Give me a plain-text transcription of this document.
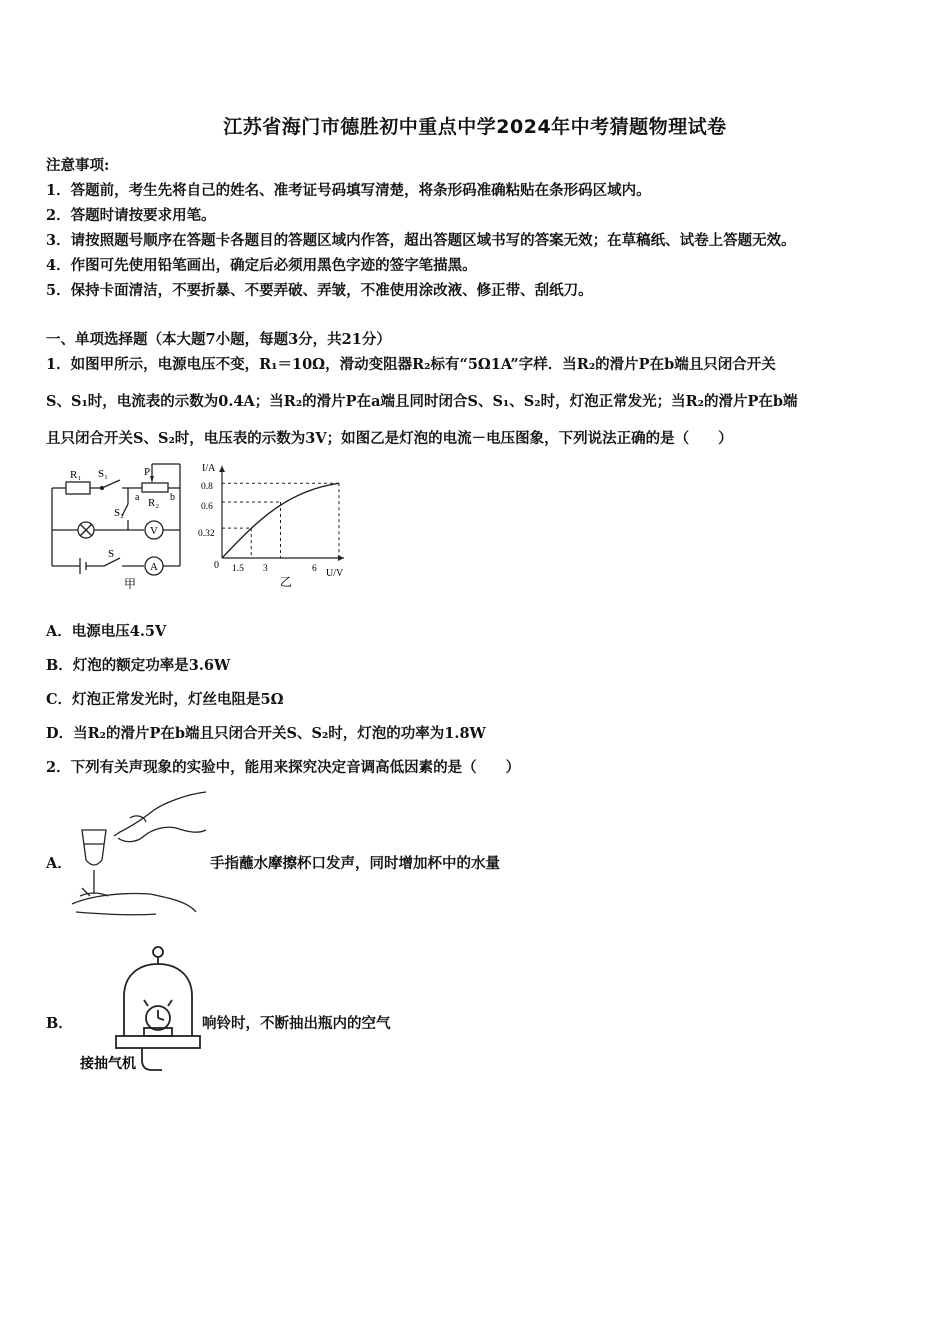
江苏省海门市德胜初中重点中学2024年中考猜题物理试卷
注意事项:
1．答题前，考生先将自己的姓名、准考证号码填写清楚，将条形码准确粘贴在条形码区域内。
2．答题时请按要求用笔。
3．请按照题号顺序在答题卡各题目的答题区域内作答，超出答题区域书写的答案无效；在草稿纸、试卷上答题无效。
4．作图可先使用铅笔画出，确定后必须用黑色字迹的签字笔描黑。
5．保持卡面清洁，不要折暴、不要弄破、弄皱，不准使用涂改液、修正带、刮纸刀。
一、单项选择题（本大题7小题，每题3分，共21分）
1．如图甲所示，电源电压不变，R₁＝10Ω，滑动变阻器R₂标有“5Ω1A”字样．当R₂的滑片P在b端且只闭合开关
S、S₁时，电流表的示数为0.4A；当R₂的滑片P在a端且同时闭合S、S₁、S₂时，灯泡正常发光；当R₂的滑片P在b端
且只闭合开关S、S₂时，电压表的示数为3V；如图乙是灯泡的电流－电压图象，下列说法正确的是（　　）
R₁ S₁	P
a	b
R₂
S₂
V
A
S
甲
I/A
U/V
0
0.8
0.6
0.32
1.5 3	6
乙
A．电源电压4.5V
B．灯泡的额定功率是3.6W
C．灯泡正常发光时，灯丝电阻是5Ω
D．当R₂的滑片P在b端且只闭合开关S、S₂时，灯泡的功率为1.8W
2．下列有关声现象的实验中，能用来探究决定音调高低因素的是（　　）
A．	手指蘸水摩擦杯口发声，同时增加杯中的水量
B．
接抽气机
响铃时，不断抽出瓶内的空气
